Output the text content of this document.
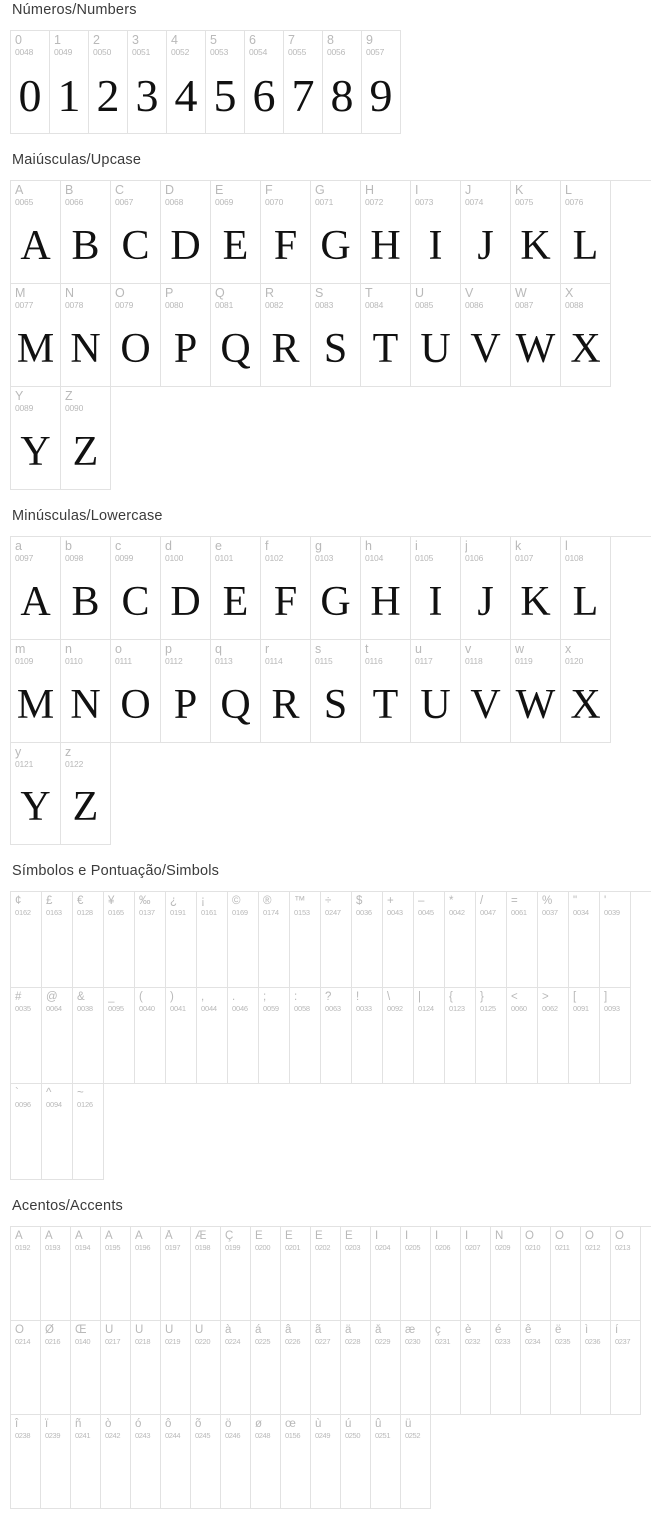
Números/Numbers
0
0048
0
1
0049
1
2
0050
2
3
0051
3
4
0052
4
5
0053
5
6
0054
6
7
0055
7
8
0056
8
9
0057
9
Maiúsculas/Upcase
A
0065
A
B
0066
B
C
0067
C
D
0068
D
E
0069
E
F
0070
F
G
0071
G
H
0072
H
I
0073
I
J
0074
J
K
0075
K
L
0076
L
M
0077
M
N
0078
N
O
0079
O
P
0080
P
Q
0081
Q
R
0082
R
S
0083
S
T
0084
T
U
0085
U
V
0086
V
W
0087
W
X
0088
X
Y
0089
Y
Z
0090
Z
Minúsculas/Lowercase
a
0097
A
b
0098
B
c
0099
C
d
0100
D
e
0101
E
f
0102
F
g
0103
G
h
0104
H
i
0105
I
j
0106
J
k
0107
K
l
0108
L
m
0109
M
n
0110
N
o
0111
O
p
0112
P
q
0113
Q
r
0114
R
s
0115
S
t
0116
T
u
0117
U
v
0118
V
w
0119
W
x
0120
X
y
0121
Y
z
0122
Z
Símbolos e Pontuação/Simbols
¢
0162
£
0163
€
0128
¥
0165
‰
0137
¿
0191
¡
0161
©
0169
®
0174
™
0153
÷
0247
$
0036
+
0043
–
0045
*
0042
/
0047
=
0061
%
0037
"
0034
'
0039
#
0035
@
0064
&
0038
_
0095
(
0040
)
0041
,
0044
.
0046
;
0059
:
0058
?
0063
!
0033
\
0092
|
0124
{
0123
}
0125
<
0060
>
0062
[
0091
]
0093
`
0096
^
0094
~
0126
Acentos/Accents
À
0192
Á
0193
Â
0194
Ã
0195
Ä
0196
Å
0197
Æ
0198
Ç
0199
È
0200
É
0201
Ê
0202
Ë
0203
Ì
0204
Í
0205
Î
0206
Ï
0207
Ñ
0209
Ò
0210
Ó
0211
Ô
0212
Õ
0213
Ö
0214
Ø
0216
Œ
0140
Ù
0217
Ú
0218
Û
0219
Ü
0220
à
0224
á
0225
â
0226
ã
0227
ä
0228
å
0229
æ
0230
ç
0231
è
0232
é
0233
ê
0234
ë
0235
ì
0236
í
0237
î
0238
ï
0239
ñ
0241
ò
0242
ó
0243
ô
0244
õ
0245
ö
0246
ø
0248
œ
0156
ù
0249
ú
0250
û
0251
ü
0252
